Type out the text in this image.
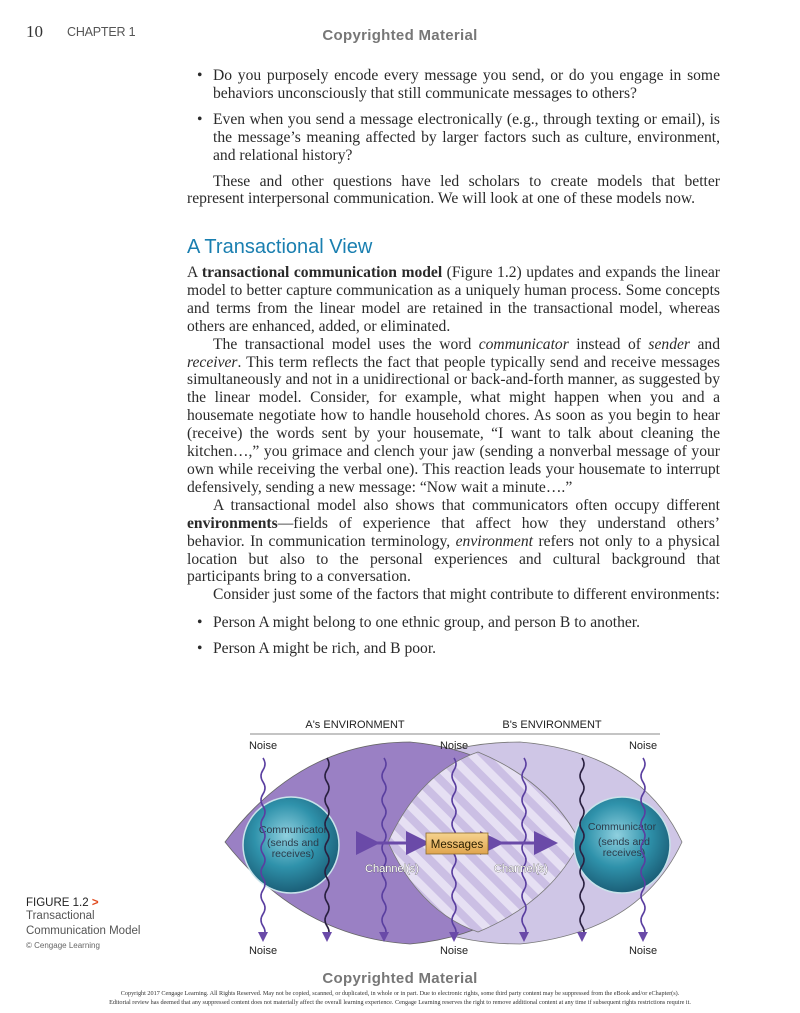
10 CHAPTER 1	Copyrighted Material
• Do you purposely encode every message you send, or do you engage in some behaviors unconsciously that still communicate messages to others?
• Even when you send a message electronically (e.g., through texting or email), is the message’s meaning affected by larger factors such as culture, environment, and relational history?

These and other questions have led scholars to create models that better represent interpersonal communication. We will look at one of these models now.

A Transactional View

A transactional communication model (Figure 1.2) updates and expands the linear model to better capture communication as a uniquely human process. Some concepts and terms from the linear model are retained in the transactional model, whereas others are enhanced, added, or eliminated.

The transactional model uses the word communicator instead of sender and receiver. This term reflects the fact that people typically send and receive messages simultaneously and not in a unidirectional or back-and-forth manner, as suggested by the linear model. Consider, for example, what might happen when you and a housemate negotiate how to handle household chores. As soon as you begin to hear (receive) the words sent by your housemate, “I want to talk about cleaning the kitchen…,” you grimace and clench your jaw (sending a nonverbal message of your own while receiving the verbal one). This reaction leads your housemate to interrupt defensively, sending a new message: “Now wait a minute….”

A transactional model also shows that communicators often occupy different environments—fields of experience that affect how they understand others’ behavior. In communication terminology, environment refers not only to a physical location but also to the personal experiences and cultural background that participants bring to a conversation.

Consider just some of the factors that might contribute to different environments:

• Person A might belong to one ethnic group, and person B to another.
• Person A might be rich, and B poor.
A's ENVIRONMENT	B's ENVIRONMENT
Noise	Noise	Noise
Communicator
(sends and
receives)
Communicator
(sends and
receives)
Messages
Channel(s)	Channel(s)
Noise	Noise	Noise
FIGURE 1.2 >
Transactional
Communication Model
© Cengage Learning
Copyrighted Material
Copyright 2017 Cengage Learning. All Rights Reserved. May not be copied, scanned, or duplicated, in whole or in part. Due to electronic rights, some third party content may be suppressed from the eBook and/or eChapter(s).
Editorial review has deemed that any suppressed content does not materially affect the overall learning experience. Cengage Learning reserves the right to remove additional content at any time if subsequent rights restrictions require it.
